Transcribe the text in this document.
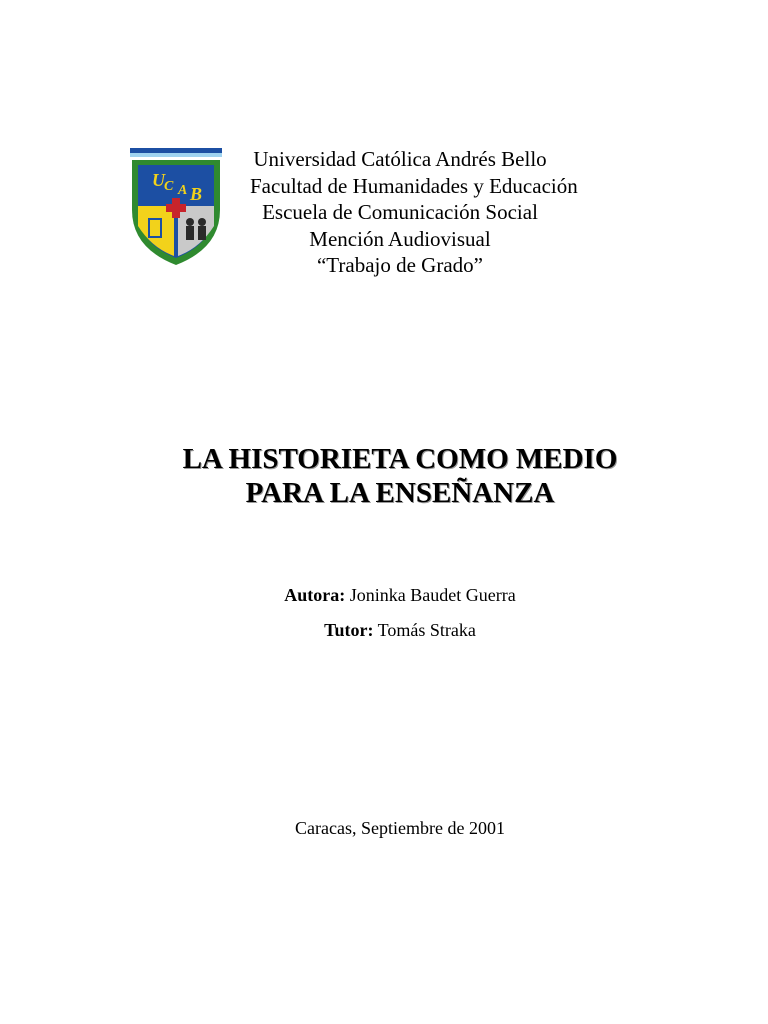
U C A B
Universidad Católica Andrés Bello
Facultad de Humanidades y Educación
Escuela de Comunicación Social
Mención Audiovisual
“Trabajo de Grado”
LA HISTORIETA COMO MEDIO
PARA LA ENSEÑANZA
Autora: Joninka Baudet Guerra
Tutor: Tomás Straka
Caracas, Septiembre de 2001
